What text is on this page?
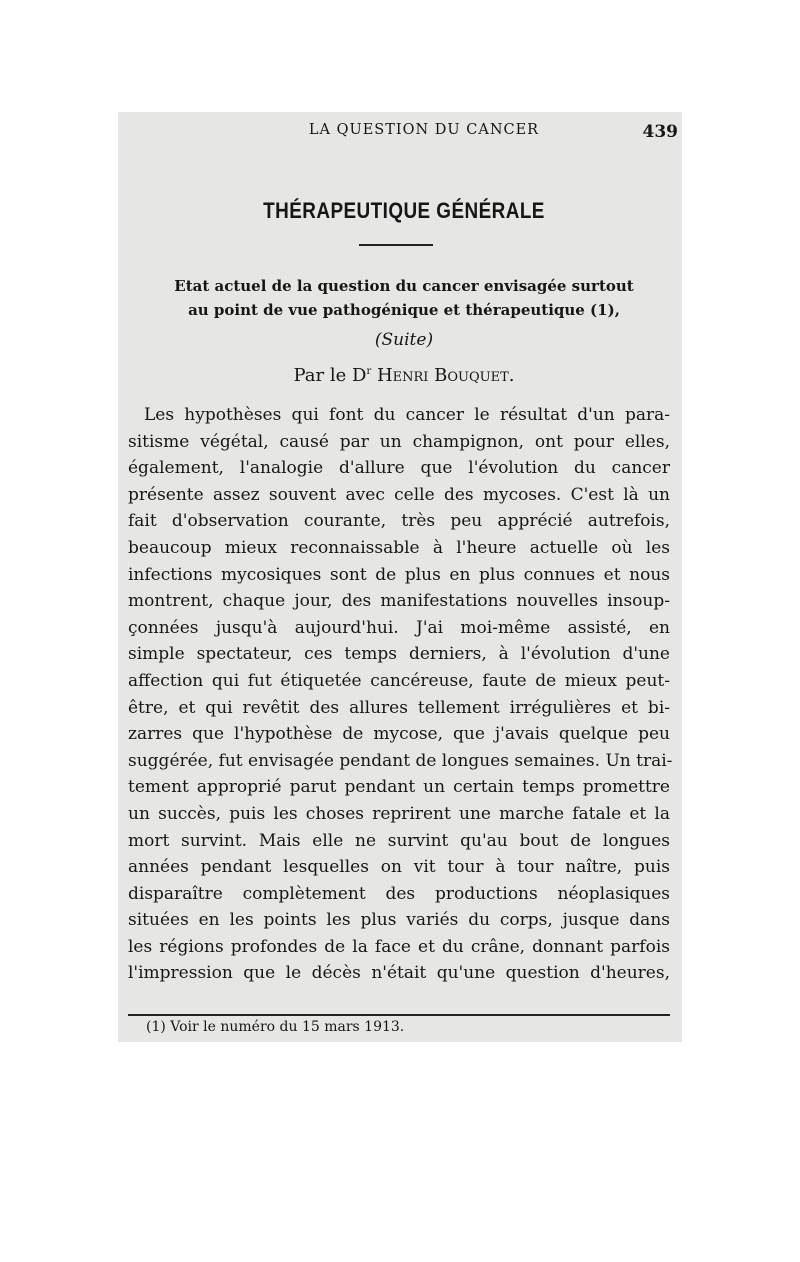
LA QUESTION DU CANCER	439
THÉRAPEUTIQUE GÉNÉRALE
Etat actuel de la question du cancer envisagée surtout
au point de vue pathogénique et thérapeutique (1),
(Suite)
Par le $D^r$ Henri Bouquet.
Les hypothèses qui font du cancer le résultat d'un para-
sitisme végétal, causé par un champignon, ont pour elles,
également, l'analogie d'allure que l'évolution du cancer
présente assez souvent avec celle des mycoses. C'est là un
fait d'observation courante, très peu apprécié autrefois,
beaucoup mieux reconnaissable à l'heure actuelle où les
infections mycosiques sont de plus en plus connues et nous
montrent, chaque jour, des manifestations nouvelles insoup-
çonnées jusqu'à aujourd'hui. J'ai moi-même assisté, en
simple spectateur, ces temps derniers, à l'évolution d'une
affection qui fut étiquetée cancéreuse, faute de mieux peut-
être, et qui revêtit des allures tellement irrégulières et bi-
zarres que l'hypothèse de mycose, que j'avais quelque peu
suggérée, fut envisagée pendant de longues semaines. Un trai-
tement approprié parut pendant un certain temps promettre
un succès, puis les choses reprirent une marche fatale et la
mort survint. Mais elle ne survint qu'au bout de longues
années pendant lesquelles on vit tour à tour naître, puis
disparaître complètement des productions néoplasiques
situées en les points les plus variés du corps, jusque dans
les régions profondes de la face et du crâne, donnant parfois
l'impression que le décès n'était qu'une question d'heures,
(1) Voir le numéro du 15 mars 1913.
